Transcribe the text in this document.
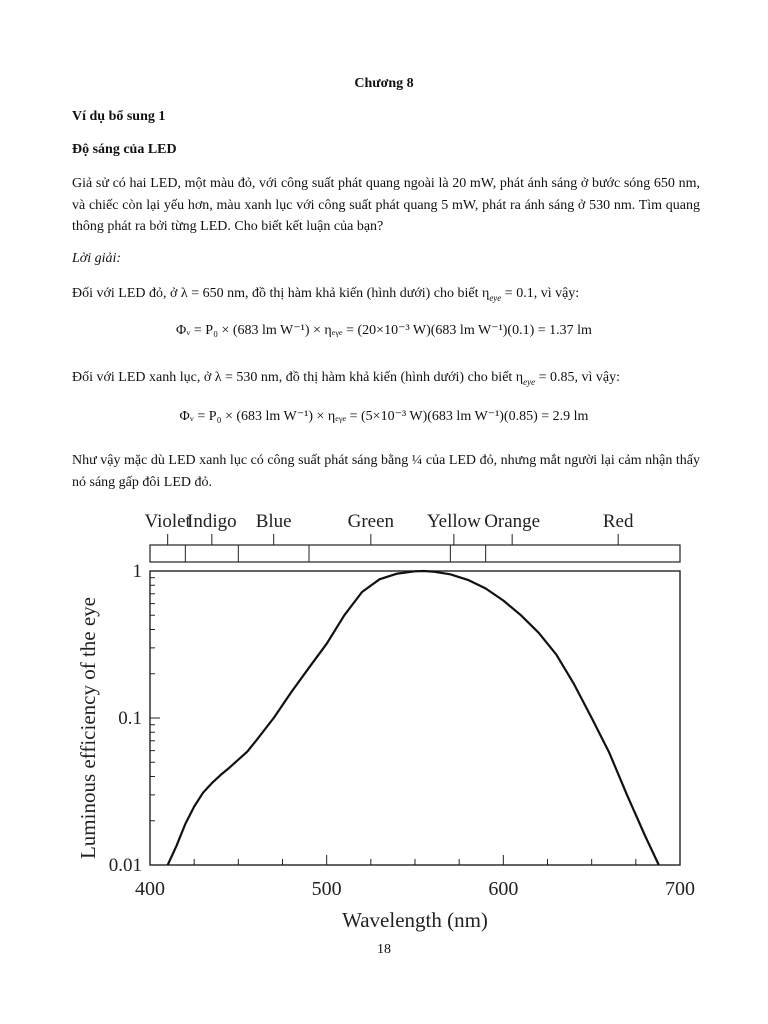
Chương 8
Ví dụ bổ sung 1
Độ sáng của LED
Giả sử có hai LED, một màu đỏ, với công suất phát quang ngoài là 20 mW, phát ánh sáng ở bước sóng 650 nm, và chiếc còn lại yếu hơn, màu xanh lục với công suất phát quang 5 mW, phát ra ánh sáng ở 530 nm. Tìm quang thông phát ra bởi từng LED. Cho biết kết luận của bạn?
Lời giải:
Đối với LED đỏ, ở λ = 650 nm, đồ thị hàm khả kiến (hình dưới) cho biết $\eta_{eye} = 0.1$, vì vậy:
Φᵥ = P₀ × (683 lm W⁻¹) × ηₑᵧₑ = (20×10⁻³ W)(683 lm W⁻¹)(0.1) = 1.37 lm
Đối với LED xanh lục, ở λ = 530 nm, đồ thị hàm khả kiến (hình dưới) cho biết $\eta_{eye} = 0.85$, vì vậy:
Φᵥ = P₀ × (683 lm W⁻¹) × ηₑᵧₑ = (5×10⁻³ W)(683 lm W⁻¹)(0.85) = 2.9 lm
Như vậy mặc dù LED xanh lục có công suất phát sáng bằng ¼ của LED đỏ, nhưng mắt người lại cảm nhận thấy nó sáng gấp đôi LED đỏ.
Violet
Indigo Blue	Green Yellow Orange	Red
400	500	600	700
0.01
0.1
1
Wavelength (nm)
Luminous efficiency of the eye
18
